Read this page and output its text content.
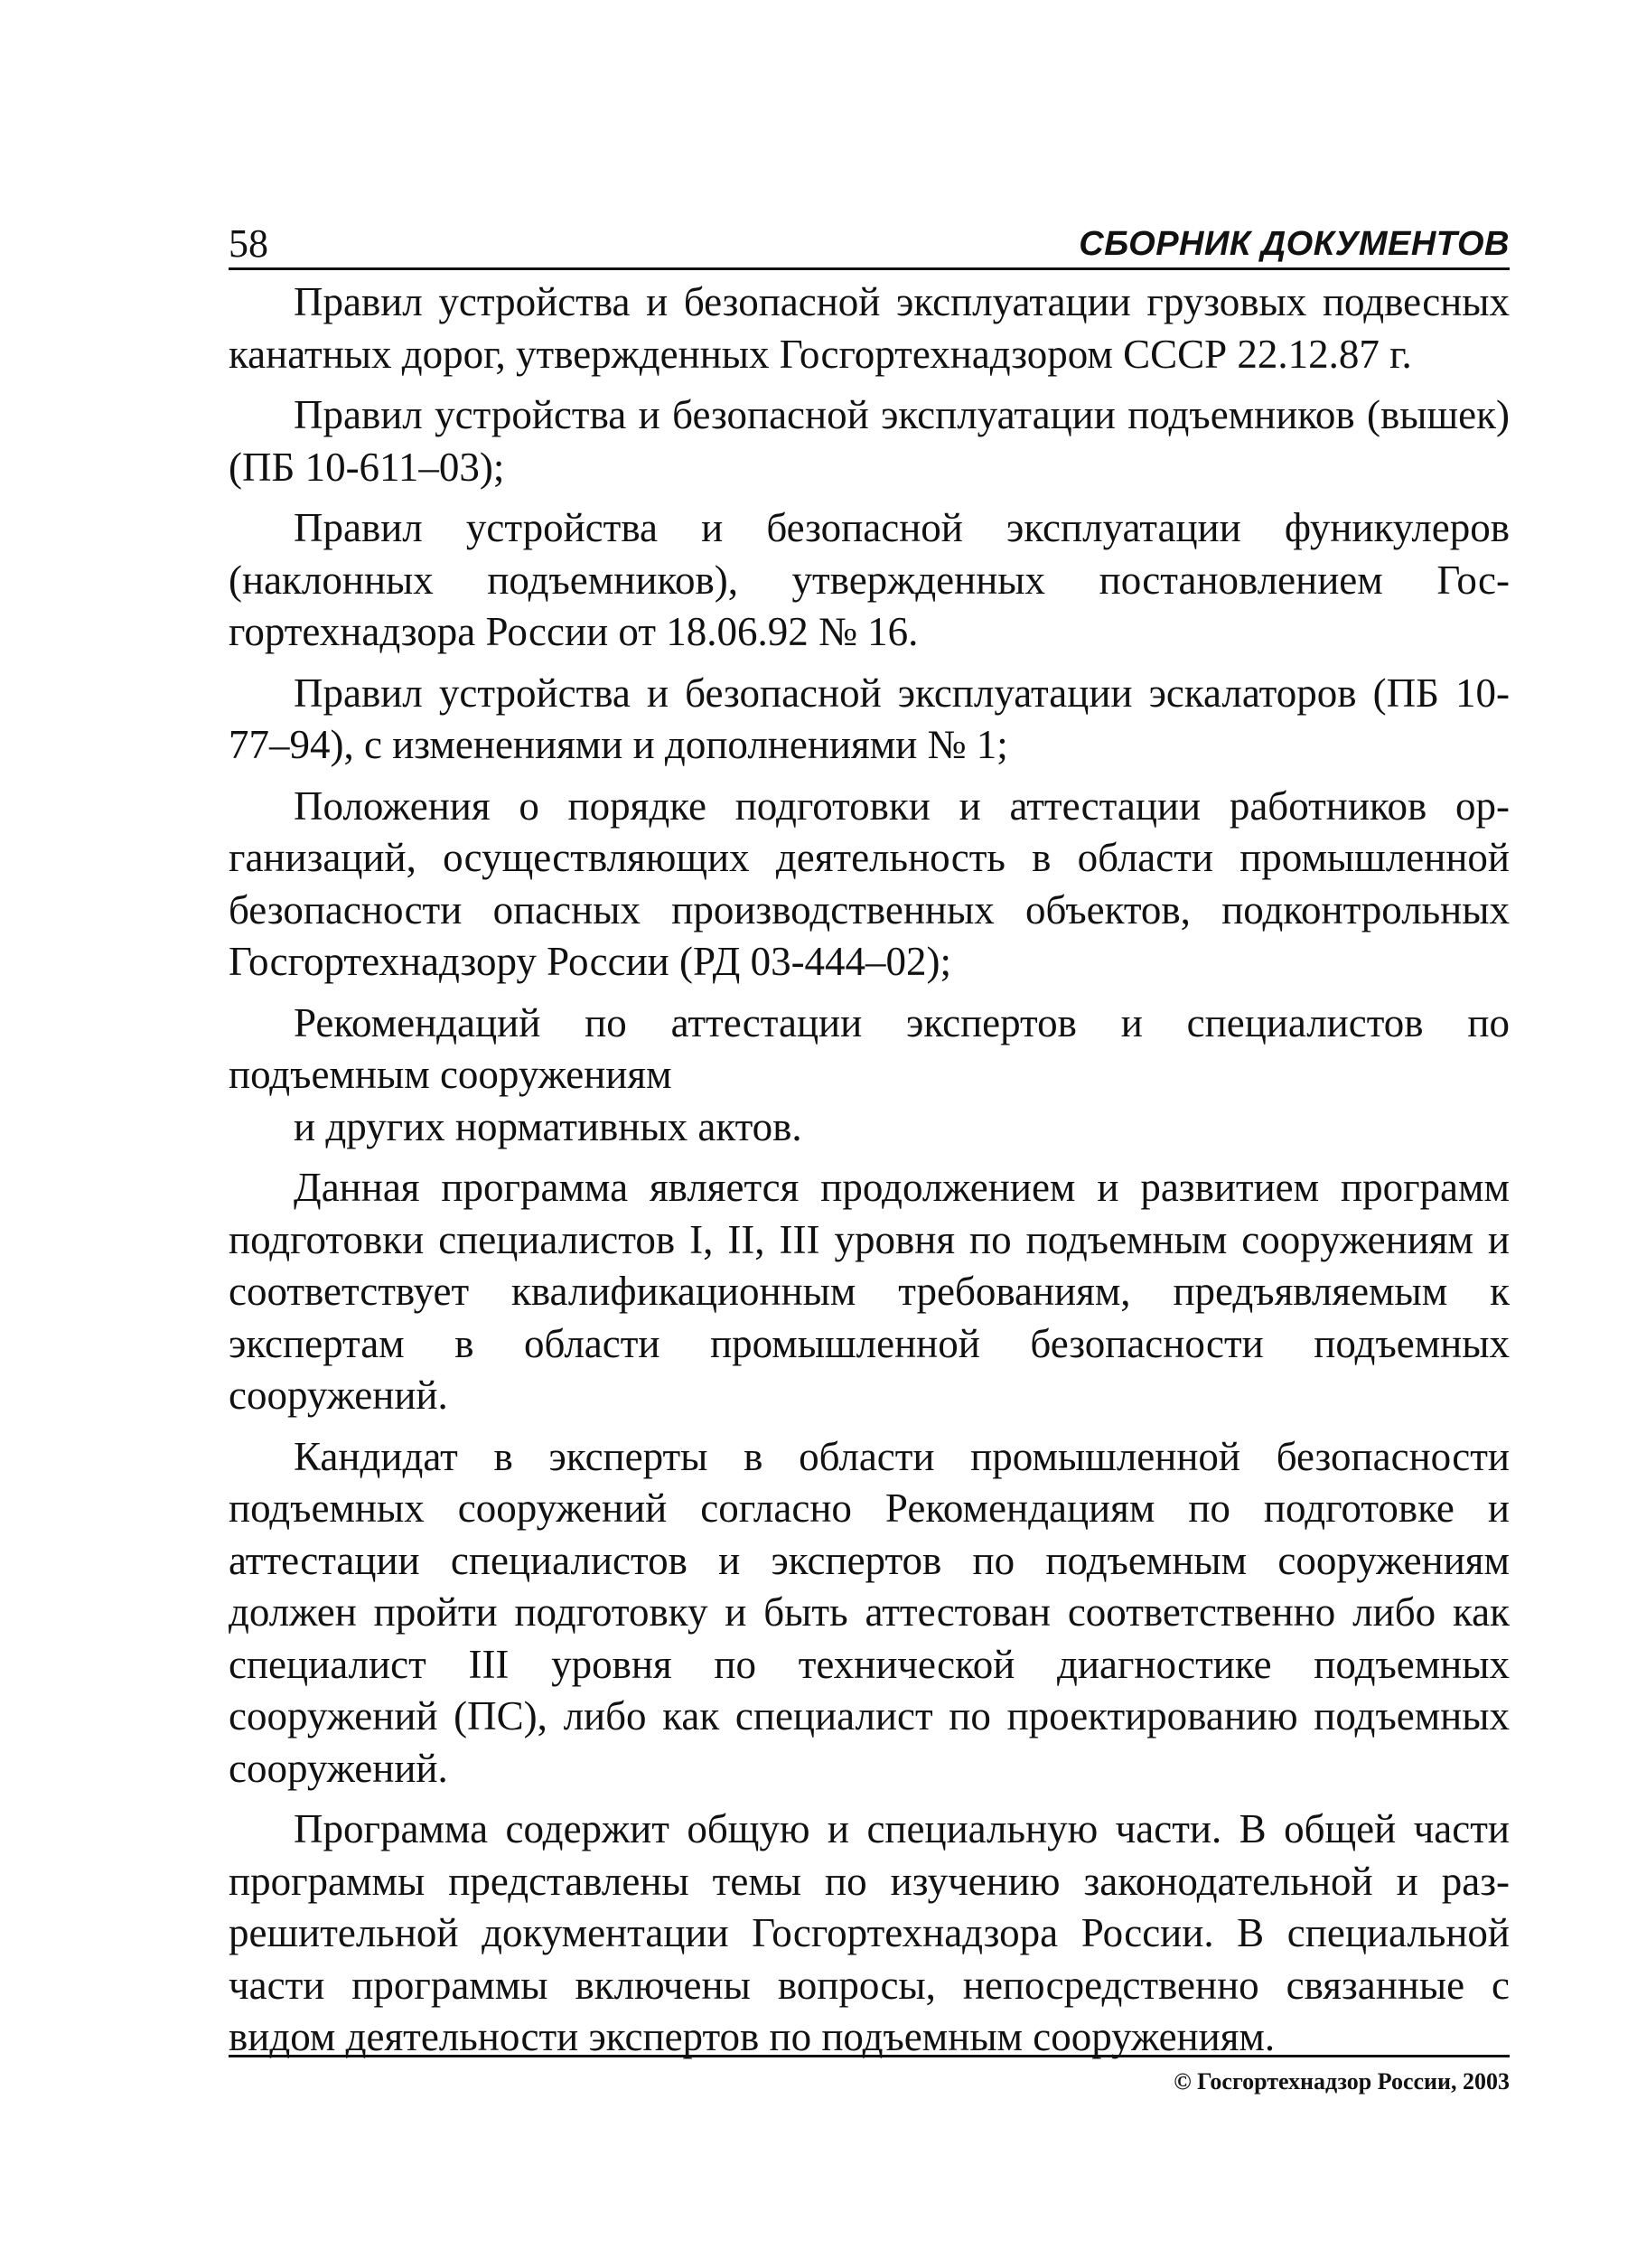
58	СБОРНИК ДОКУМЕНТОВ

Правил устройства и безопасной эксплуатации грузовых подвесных канатных дорог, утвержденных Госгортехнадзором СССР 22.12.87 г.

Правил устройства и безопасной эксплуатации подъемников (вышек) (ПБ 10-611–03);

Правил устройства и безопасной эксплуатации фуникулеров (наклонных подъемников), утвержденных постановлением Госгортехнадзора России от 18.06.92 № 16.

Правил устройства и безопасной эксплуатации эскалаторов (ПБ 10-77–94), с изменениями и дополнениями № 1;

Положения о порядке подготовки и аттестации работников организаций, осуществляющих деятельность в области промышленной безопасности опасных производственных объектов, подконтрольных Госгортехнадзору России (РД 03-444–02);

Рекомендаций по аттестации экспертов и специалистов по подъемным сооружениям

и других нормативных актов.

Данная программа является продолжением и развитием программ подготовки специалистов I, II, III уровня по подъемным сооружениям и соответствует квалификационным требованиям, предъявляемым к экспертам в области промышленной безопасности подъемных сооружений.

Кандидат в эксперты в области промышленной безопасности подъемных сооружений согласно Рекомендациям по подготовке и аттестации специалистов и экспертов по подъемным сооружениям должен пройти подготовку и быть аттестован соответственно либо как специалист III уровня по технической диагностике подъемных сооружений (ПС), либо как специалист по проектированию подъемных сооружений.

Программа содержит общую и специальную части. В общей части программы представлены темы по изучению законодательной и разрешительной документации Госгортехнадзора России. В специальной части программы включены вопросы, непосредственно связанные с видом деятельности экспертов по подъемным сооружениям.

© Госгортехнадзор России, 2003
